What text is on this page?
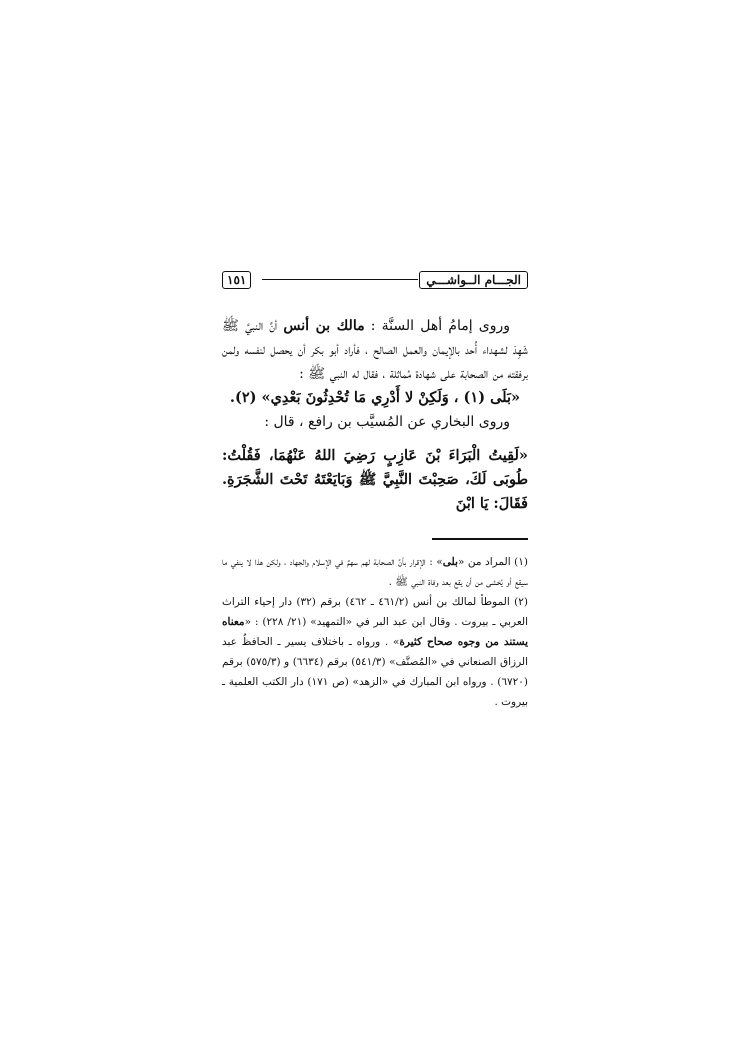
الجـــام الــواشـــي
١٥١

وروى إمامُ أهل السنَّة : مالك بن أنس أنَّ النبيَّ ﷺ شَهِدَ لشهداء أُحد بالإيمان والعمل الصالح ، فأراد أبو بكر أن يحصل لنفسه ولمن برفقته من الصحابة على شهادة مُماثلة ، فقال له النبي ﷺ :

«بَلَى (١) ، وَلَكِنْ لا أَدْرِي مَا تُحْدِثُونَ بَعْدِي» (٢).

وروى البخاري عن المُسيَّب بن رافع ، قال :

«لَقِيتُ الْبَرَاءَ بْنَ عَازِبٍ رَضِيَ اللهُ عَنْهُمَا، فَقُلْتُ: طُوبَى لَكَ، صَحِبْتَ النَّبِيَّ ﷺ وَبَايَعْتَهُ تَحْتَ الشَّجَرَةِ. فَقَالَ: يَا ابْنَ

(١) المراد من «بلى» : الإقرار بأنَّ الصحابة لهم سهمٌ في الإسلام والجهاد ، ولكن هذا لا ينفي ما سيقع أو يُخشى من أن يقع بعد وفاة النبي ﷺ .

(٢) الموطأ لمالك بن أنس (٤٦١/٢ ـ ٤٦٢) برقم (٣٢) دار إحياء التراث العربي ـ بيروت . وقال ابن عبد البر في «التمهيد» (٢١/ ٢٢٨) : «معناه يستند من وجوه صحاح كثيرة» . ورواه ـ باختلاف يسير ـ الحافظُ عبد الرزاق الصنعاني في «المُصنَّف» (٥٤١/٣) برقم (٦٦٣٤) و (٥٧٥/٣) برقم (٦٧٢٠) . ورواه ابن المبارك في «الزهد» (ص ١٧١) دار الكتب العلمية ـ بيروت .
